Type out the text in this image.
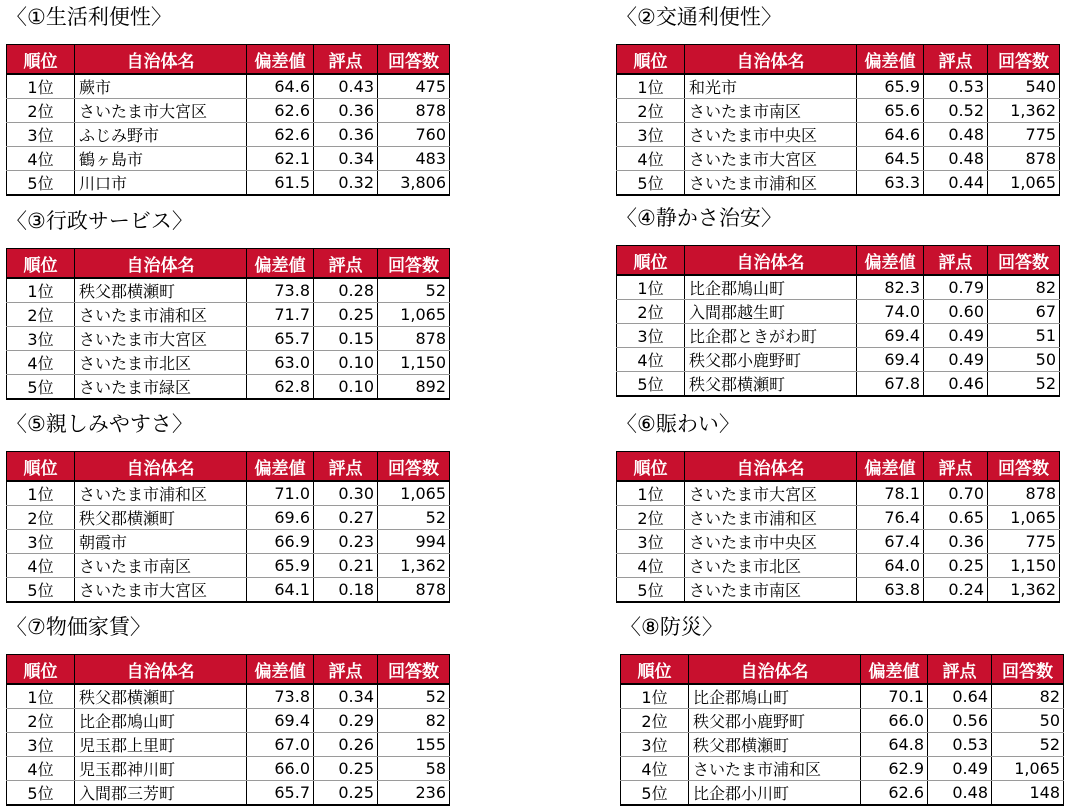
〈①生活利便性〉
順位	自治体名	偏差値	評点	回答数
1位	蕨市	64.6	0.43	475
2位	さいたま市大宮区	62.6	0.36	878
3位	ふじみ野市	62.6	0.36	760
4位	鶴ヶ島市	62.1	0.34	483
5位	川口市	61.5	0.32	3,806
〈②交通利便性〉
順位	自治体名	偏差値	評点	回答数
1位	和光市	65.9	0.53	540
2位	さいたま市南区	65.6	0.52	1,362
3位	さいたま市中央区	64.6	0.48	775
4位	さいたま市大宮区	64.5	0.48	878
5位	さいたま市浦和区	63.3	0.44	1,065
〈③行政サービス〉
順位	自治体名	偏差値	評点	回答数
1位	秩父郡横瀬町	73.8	0.28	52
2位	さいたま市浦和区	71.7	0.25	1,065
3位	さいたま市大宮区	65.7	0.15	878
4位	さいたま市北区	63.0	0.10	1,150
5位	さいたま市緑区	62.8	0.10	892
〈④静かさ治安〉
順位	自治体名	偏差値	評点	回答数
1位	比企郡鳩山町	82.3	0.79	82
2位	入間郡越生町	74.0	0.60	67
3位	比企郡ときがわ町	69.4	0.49	51
4位	秩父郡小鹿野町	69.4	0.49	50
5位	秩父郡横瀬町	67.8	0.46	52
〈⑤親しみやすさ〉
順位	自治体名	偏差値	評点	回答数
1位	さいたま市浦和区	71.0	0.30	1,065
2位	秩父郡横瀬町	69.6	0.27	52
3位	朝霞市	66.9	0.23	994
4位	さいたま市南区	65.9	0.21	1,362
5位	さいたま市大宮区	64.1	0.18	878
〈⑥賑わい〉
順位	自治体名	偏差値	評点	回答数
1位	さいたま市大宮区	78.1	0.70	878
2位	さいたま市浦和区	76.4	0.65	1,065
3位	さいたま市中央区	67.4	0.36	775
4位	さいたま市北区	64.0	0.25	1,150
5位	さいたま市南区	63.8	0.24	1,362
〈⑦物価家賃〉
順位	自治体名	偏差値	評点	回答数
1位	秩父郡横瀬町	73.8	0.34	52
2位	比企郡鳩山町	69.4	0.29	82
3位	児玉郡上里町	67.0	0.26	155
4位	児玉郡神川町	66.0	0.25	58
5位	入間郡三芳町	65.7	0.25	236
〈⑧防災〉
順位	自治体名	偏差値	評点	回答数
1位	比企郡鳩山町	70.1	0.64	82
2位	秩父郡小鹿野町	66.0	0.56	50
3位	秩父郡横瀬町	64.8	0.53	52
4位	さいたま市浦和区	62.9	0.49	1,065
5位	比企郡小川町	62.6	0.48	148
